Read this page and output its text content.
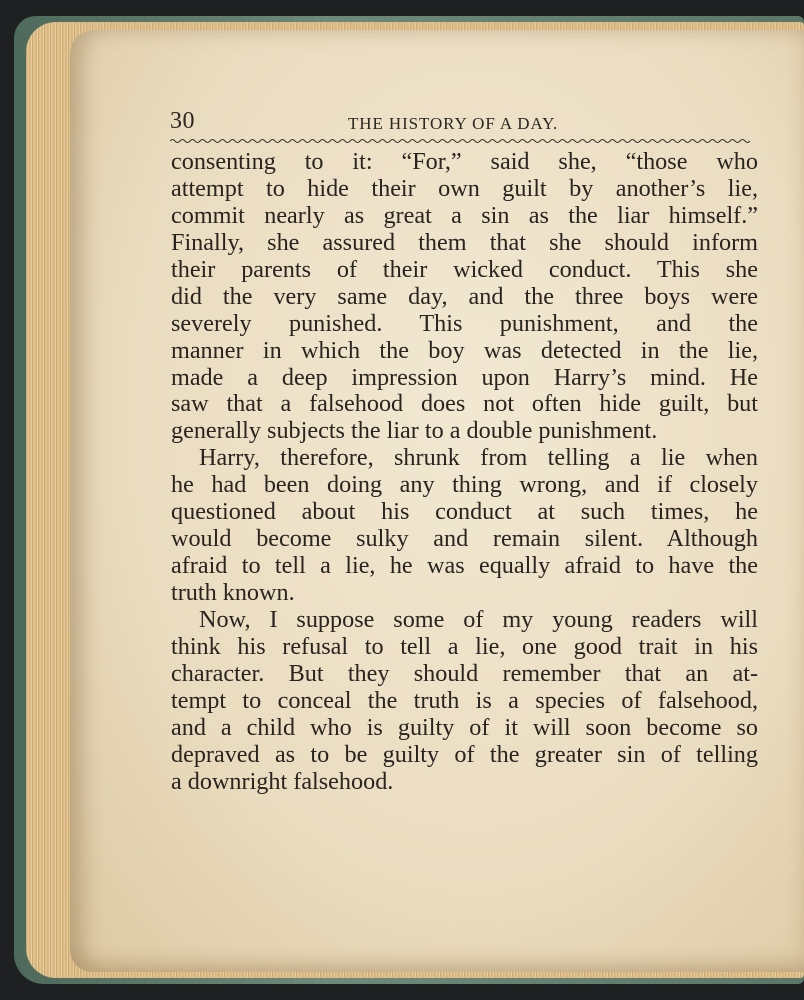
30	THE HISTORY OF A DAY.
consenting to it: “For,” said she, “those who
attempt to hide their own guilt by another’s lie,
commit nearly as great a sin as the liar himself.”
Finally, she assured them that she should inform
their parents of their wicked conduct. This she
did the very same day, and the three boys were
severely punished. This punishment, and the
manner in which the boy was detected in the lie,
made a deep impression upon Harry’s mind. He
saw that a falsehood does not often hide guilt, but
generally subjects the liar to a double punishment.
Harry, therefore, shrunk from telling a lie when
he had been doing any thing wrong, and if closely
questioned about his conduct at such times, he
would become sulky and remain silent. Although
afraid to tell a lie, he was equally afraid to have the
truth known.
Now, I suppose some of my young readers will
think his refusal to tell a lie, one good trait in his
character. But they should remember that an at-
tempt to conceal the truth is a species of falsehood,
and a child who is guilty of it will soon become so
depraved as to be guilty of the greater sin of telling
a downright falsehood.
